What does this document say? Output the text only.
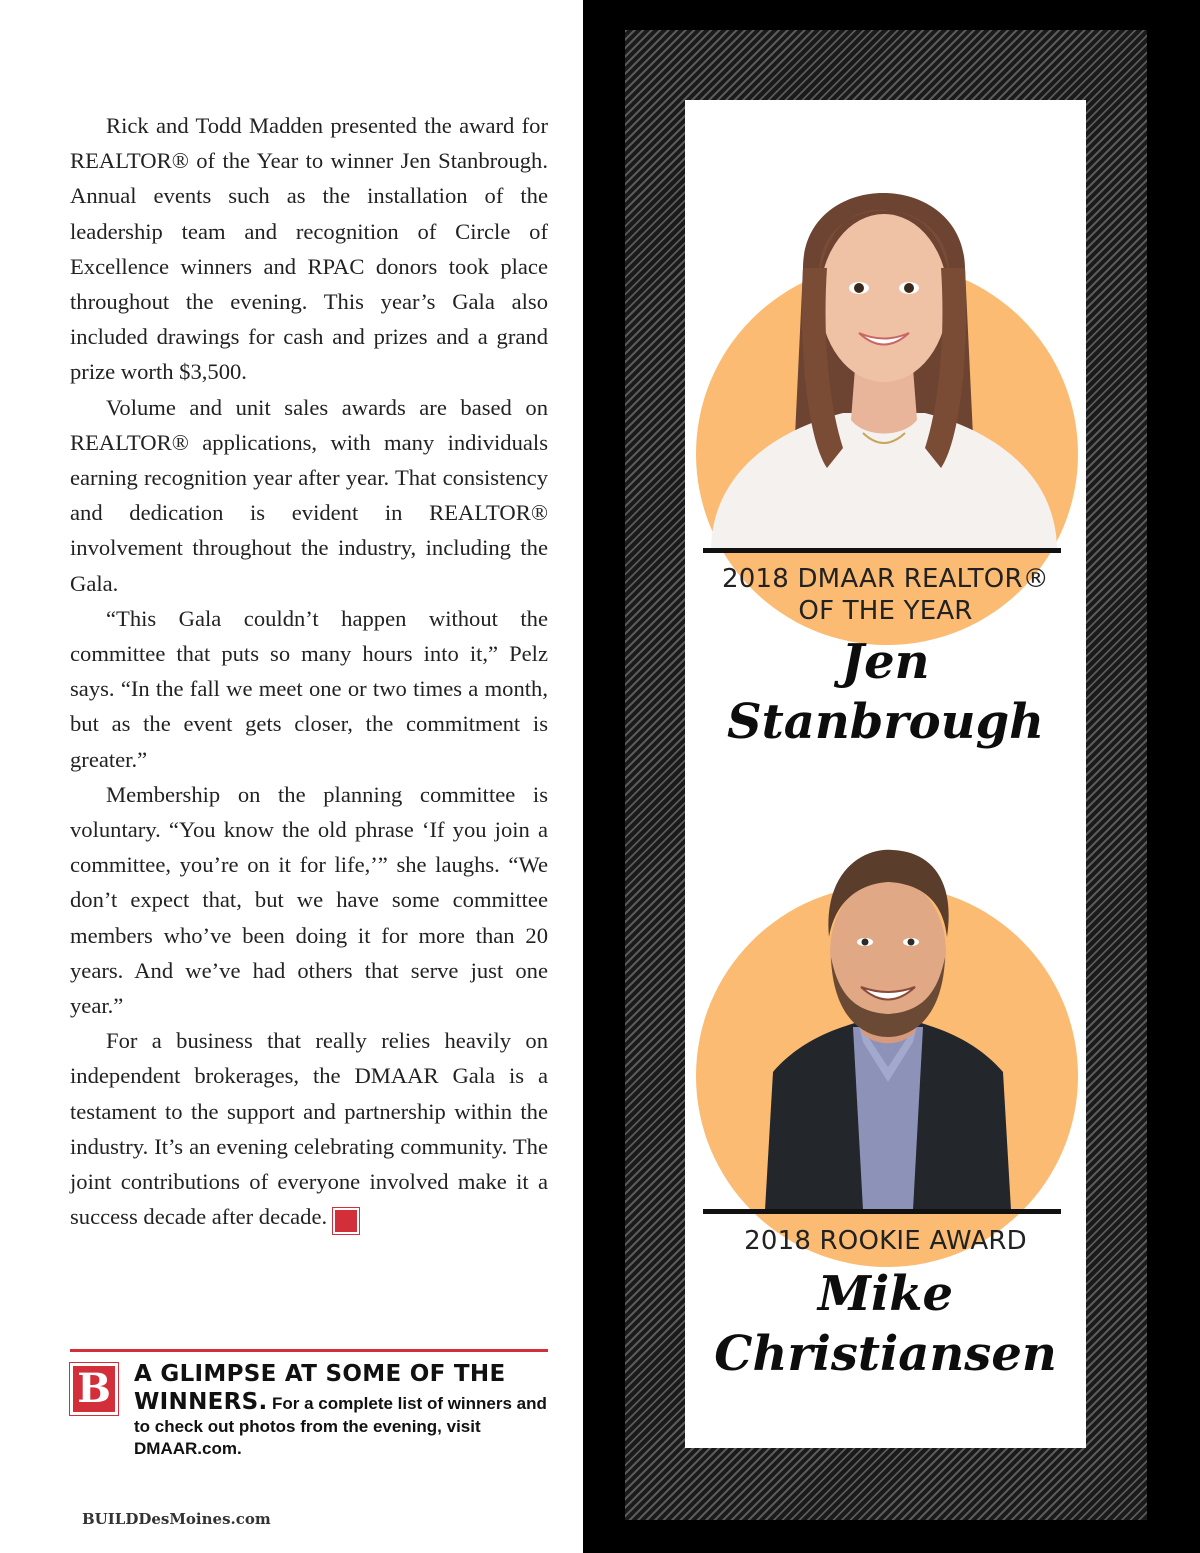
Rick and Todd Madden presented the award for REALTOR® of the Year to winner Jen Stanbrough. Annual events such as the installation of the leadership team and recognition of Circle of Excellence winners and RPAC donors took place throughout the evening. This year’s Gala also included drawings for cash and prizes and a grand prize worth $3,500.

Volume and unit sales awards are based on REALTOR® applications, with many individuals earning recognition year after year. That consistency and dedication is evident in REALTOR® involvement throughout the industry, including the Gala.

“This Gala couldn’t happen without the committee that puts so many hours into it,” Pelz says. “In the fall we meet one or two times a month, but as the event gets closer, the commitment is greater.”

Membership on the planning committee is voluntary. “You know the old phrase ‘If you join a committee, you’re on it for life,’” she laughs. “We don’t expect that, but we have some committee members who’ve been doing it for more than 20 years. And we’ve had others that serve just one year.”

For a business that really relies heavily on independent brokerages, the DMAAR Gala is a testament to the support and partnership within the industry. It’s an evening celebrating community. The joint contributions of everyone involved make it a success decade after decade.	B

B	A GLIMPSE AT SOME OF THE
WINNERS. For a complete list of winners and to check out photos from the evening, visit DMAAR.com.
BUILDDesMoines.com
2018 DMAAR REALTOR®
OF THE YEAR
Jen
Stanbrough
2018 ROOKIE AWARD
Mike
Christiansen
